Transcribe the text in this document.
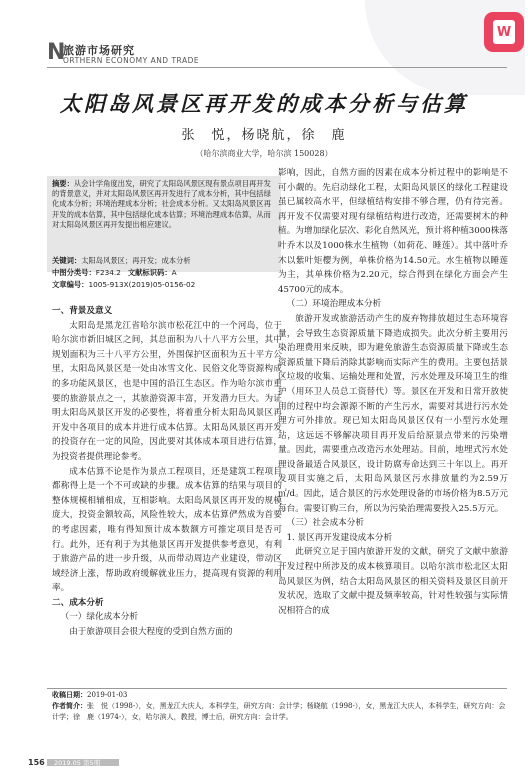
N
旅游市场研究
ORTHERN ECONOMY AND TRADE
W
太阳岛风景区再开发的成本分析与估算
张　悦，杨晓航，徐　鹿
（哈尔滨商业大学，哈尔滨 150028）
摘要：从会计学角度出发，研究了太阳岛风景区现有景点项目再开发的背景意义，并对太阳岛风景区再开发进行了成本分析，其中包括绿化成本分析；环境治理成本分析；社会成本分析。又太阳岛风景区再开发的成本估算，其中包括绿化成本估算；环境治理成本估算，从而对太阳岛风景区再开发提出相应建议。
关键词：太阳岛风景区；再开发；成本分析
中图分类号：F234.2 文献标识码：A
文章编号：1005-913X(2019)05-0156-02

一、背景及意义

太阳岛是黑龙江省哈尔滨市松花江中的一个河岛，位于哈尔滨市新旧城区之间，其总面积为八十八平方公里，其中规划面积为三十八平方公里，外围保护区面积为五十平方公里，太阳岛风景区是一处由冰雪文化、民俗文化等资源构成的多功能风景区，也是中国的沿江生态区。作为哈尔滨市重要的旅游景点之一，其旅游资源丰富，开发潜力巨大。为证明太阳岛风景区开发的必要性，将着重分析太阳岛风景区再开发中各项目的成本并进行成本估算。太阳岛风景区再开发的投资存在一定的风险，因此要对其体成本项目进行估算，为投资者提供理论参考。

成本估算不论是作为景点工程项目，还是建筑工程项目都称得上是一个不可或缺的步骤。成本估算的结果与项目的整体规模相辅相成，互相影响。太阳岛风景区再开发的规模庞大，投资金额较高，风险性较大，成本估算俨然成为首要的考虑因素，唯有得知预计成本数额方可推定项目是否可行。此外，还有利于为其他景区再开发提供参考意见，有利于旅游产品的进一步升级，从而带动周边产业建设，带动区域经济上涨，帮助政府缓解就业压力，提高现有资源的利用率。

二、成本分析

（一）绿化成本分析

由于旅游项目会很大程度的受到自然方面的

影响，因此，自然方面的因素在成本分析过程中的影响是不可小觑的。先启动绿化工程，太阳岛风景区的绿化工程建设虽已属较高水平，但绿植结构安排不够合理，仍有待完善。再开发不仅需要对现有绿植结构进行改造，还需要树木的种植。为增加绿化层次、彩化自然风光，预计将种植3000株落叶乔木以及1000株水生植物（如荷花、睡莲）。其中落叶乔木以紫叶矩樱为例，单株价格为14.50元。水生植物以睡莲为主，其单株价格为2.20元，综合得到在绿化方面会产生45700元的成本。

（二）环境治理成本分析

旅游开发或旅游活动产生的废弃物排放超过生态环境容量，会导致生态资源质量下降造成损失。此次分析主要用污染治理费用来反映，即为避免旅游生态资源质量下降或生态资源质量下降后消除其影响而实际产生的费用。主要包括景区垃圾的收集、运输处理和处置，污水处理及环境卫生的维护（用环卫人员总工资替代）等。景区在开发和日常开放使用的过程中均会源源不断的产生污水，需要对其进行污水处理方可外排放。现已知太阳岛风景区仅有一小型污水处理站，这远远不够解决项目再开发后给原景点带来的污染增量。因此，需要重点改造污水处理站。目前，地埋式污水处理设备最适合风景区，设计防腐寿命达到三十年以上。再开发项目实施之后，太阳岛风景区污水排放量约为2.59万㎡/d。因此，适合景区的污水处理设备的市场价格为8.5万元每台。需要订购三台，所以为污染治理需要投入25.5万元。

（三）社会成本分析

1. 景区再开发建设成本分析

此研究立足于国内旅游开发的文献，研究了文献中旅游开发过程中所涉及的成本核算项目。以哈尔滨市松北区太阳岛风景区为例，结合太阳岛风景区的相关资料及景区目前开发状况，选取了文献中提及频率较高，针对性较强与实际情况相符合的成

收稿日期：2019-01-03
作者简介：张　悦（1998-），女，黑龙江大庆人，本科学生，研究方向：会计学；杨晓航（1998-），女，黑龙江大庆人，本科学生，研究方向：会计学；徐　鹿（1974-），女，哈尔滨人，教授，博士后，研究方向：会计学。
156 2019.05 第5期
